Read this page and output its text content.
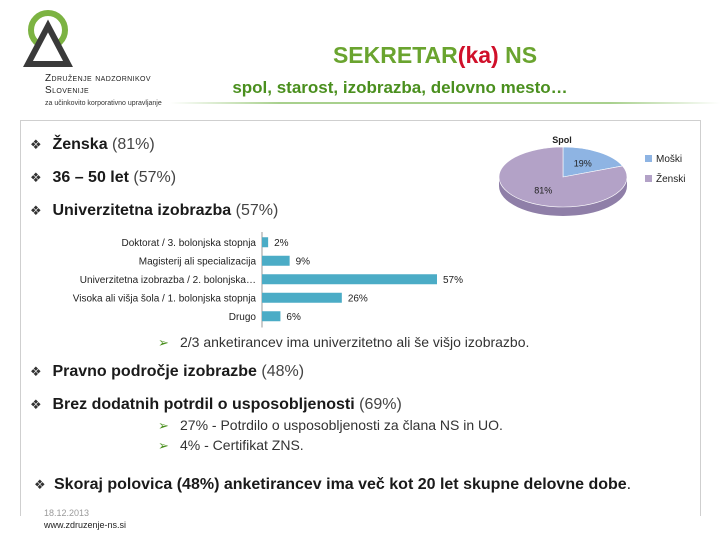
Združenje nadzornikov
Slovenije
za učinkovito korporativno upravljanje
SEKRETAR(ka) NS
spol, starost, izobrazba, delovno mesto…
❖ Ženska (81%)
❖ 36 – 50 let (57%)
❖ Univerzitetna izobrazba (57%)
Spol
19%
81%
Moški
Ženski
Doktorat / 3. bolonjska stopnja 2%
Magisterij ali specializacija	9%
Univerzitetna izobrazba / 2. bolonjska…	57%
Visoka ali višja šola / 1. bolonjska stopnja	26%
Drugo	6%
➢ 2/3 anketirancev ima univerzitetno ali še višjo izobrazbo.
❖ Pravno področje izobrazbe (48%)
❖ Brez dodatnih potrdil o usposobljenosti (69%)
➢ 27% - Potrdilo o usposobljenosti za člana NS in UO.
➢ 4% - Certifikat ZNS.
❖ Skoraj polovica (48%) anketirancev ima več kot 20 let skupne delovne dobe.
18.12.2013
www.zdruzenje-ns.si
